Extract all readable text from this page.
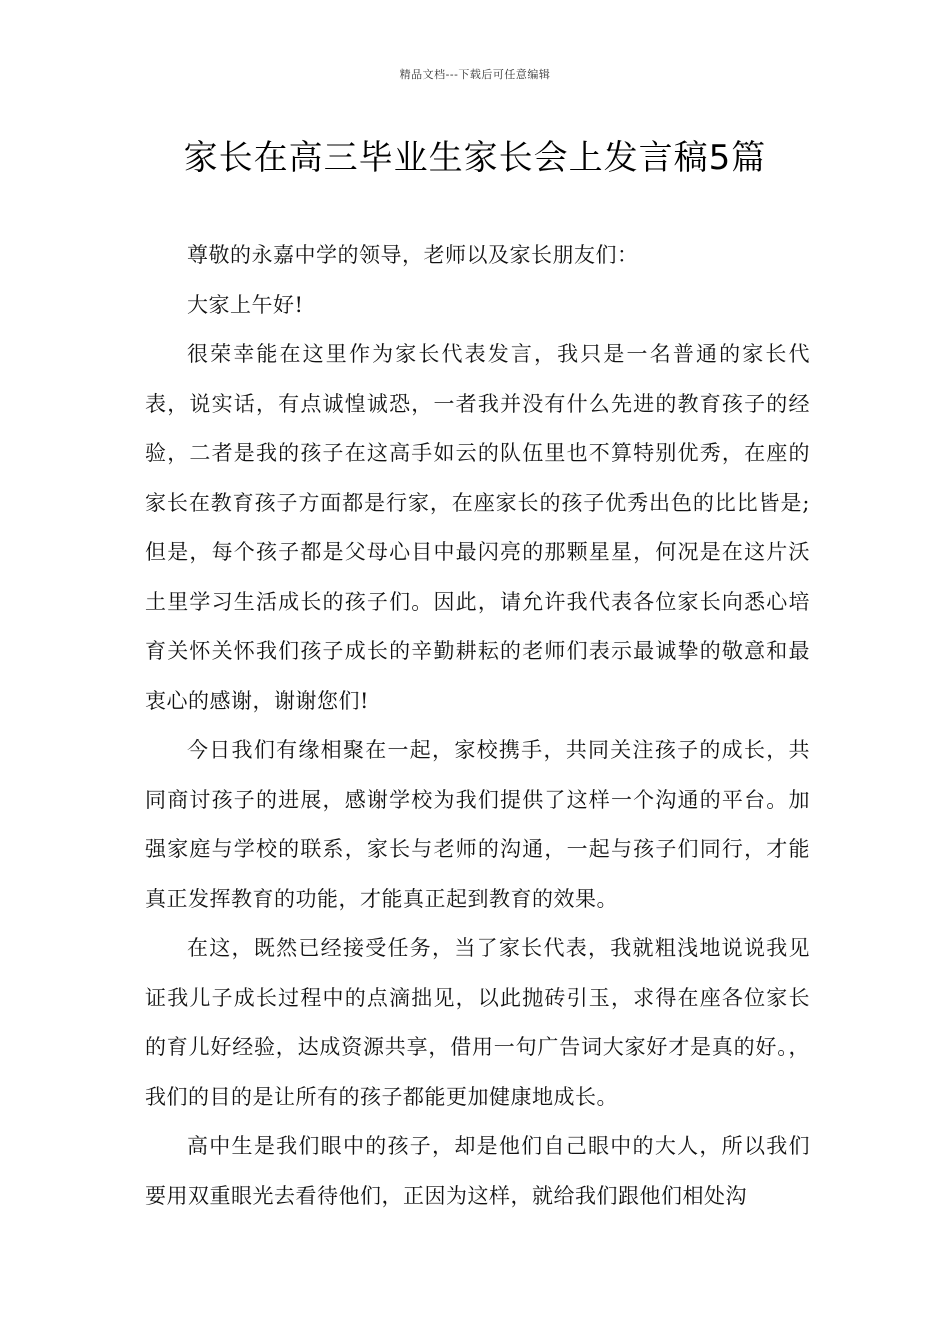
精品文档---下载后可任意编辑
家长在高三毕业生家长会上发言稿5篇

尊敬的永嘉中学的领导，老师以及家长朋友们：

大家上午好!

很荣幸能在这里作为家长代表发言，我只是一名普通的家长代表，说实话，有点诚惶诚恐，一者我并没有什么先进的教育孩子的经验，二者是我的孩子在这高手如云的队伍里也不算特别优秀，在座的家长在教育孩子方面都是行家，在座家长的孩子优秀出色的比比皆是;但是，每个孩子都是父母心目中最闪亮的那颗星星，何况是在这片沃土里学习生活成长的孩子们。因此，请允许我代表各位家长向悉心培育关怀关怀我们孩子成长的辛勤耕耘的老师们表示最诚挚的敬意和最衷心的感谢，谢谢您们!

今日我们有缘相聚在一起，家校携手，共同关注孩子的成长，共同商讨孩子的进展，感谢学校为我们提供了这样一个沟通的平台。加强家庭与学校的联系，家长与老师的沟通，一起与孩子们同行，才能真正发挥教育的功能，才能真正起到教育的效果。

在这，既然已经接受任务，当了家长代表，我就粗浅地说说我见证我儿子成长过程中的点滴拙见，以此抛砖引玉，求得在座各位家长的育儿好经验，达成资源共享，借用一句广告词大家好才是真的好。，我们的目的是让所有的孩子都能更加健康地成长。

高中生是我们眼中的孩子，却是他们自己眼中的大人，所以我们要用双重眼光去看待他们，正因为这样，就给我们跟他们相处沟
